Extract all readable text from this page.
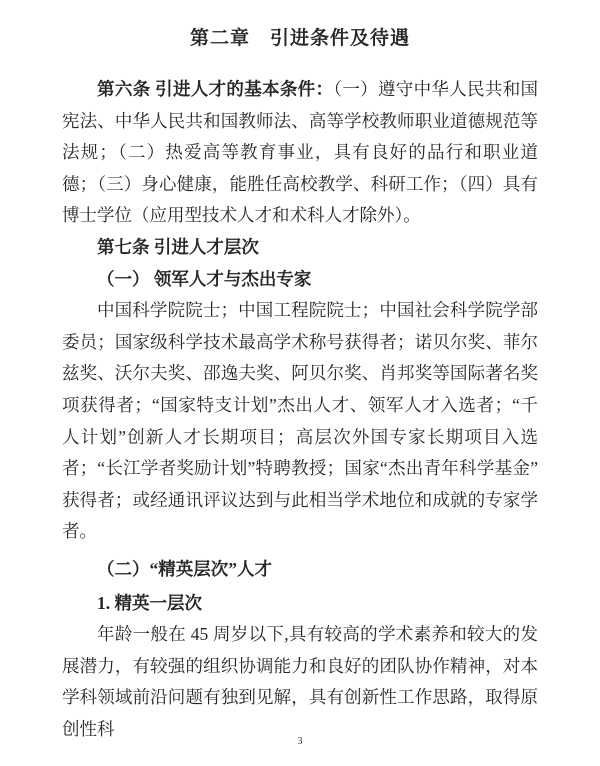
第二章　引进条件及待遇

第六条 引进人才的基本条件：（一）遵守中华人民共和国宪法、中华人民共和国教师法、高等学校教师职业道德规范等法规；（二）热爱高等教育事业，具有良好的品行和职业道德；（三）身心健康，能胜任高校教学、科研工作；（四）具有博士学位（应用型技术人才和术科人才除外）。

第七条 引进人才层次

（一） 领军人才与杰出专家

中国科学院院士；中国工程院院士；中国社会科学院学部委员；国家级科学技术最高学术称号获得者；诺贝尔奖、菲尔兹奖、沃尔夫奖、邵逸夫奖、阿贝尔奖、肖邦奖等国际著名奖项获得者；“国家特支计划”杰出人才、领军人才入选者；“千人计划”创新人才长期项目；高层次外国专家长期项目入选者；“长江学者奖励计划”特聘教授；国家“杰出青年科学基金”获得者；或经通讯评议达到与此相当学术地位和成就的专家学者。

（二）“精英层次”人才

1. 精英一层次

年龄一般在 45 周岁以下,具有较高的学术素养和较大的发展潜力，有较强的组织协调能力和良好的团队协作精神，对本学科领域前沿问题有独到见解，具有创新性工作思路，取得原创性科

3
